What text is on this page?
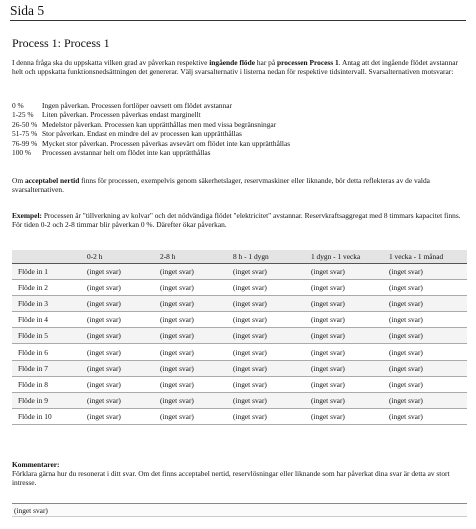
Sida 5
Process 1: Process 1
I denna fråga ska du uppskatta vilken grad av påverkan respektive ingående flöde har på processen Process 1. Antag att det ingående flödet avstannar helt och uppskatta funktionsnedsättningen det genererar. Välj svarsalternativ i listerna nedan för respektive tidsintervall. Svarsalternativen motsvarar:
0 %	Ingen påverkan. Processen fortlöper oavsett om flödet avstannar
1-25 %	Liten påverkan. Processen påverkas endast marginellt
26-50 % Medelstor påverkan. Processen kan upprätthållas men med vissa begränsningar
51-75 % Stor påverkan. Endast en mindre del av processen kan upprätthållas
76-99 % Mycket stor påverkan. Processen påverkas avsevärt om flödet inte kan upprätthållas
100 %	Processen avstannar helt om flödet inte kan upprätthållas
Om acceptabel nertid finns för processen, exempelvis genom säkerhetslager, reservmaskiner eller liknande, bör detta reflekteras av de valda svarsalternativen.
Exempel: Processen är "tillverkning av kolvar" och det nödvändiga flödet "elektricitet" avstannar. Reservkraftsaggregat med 8 timmars kapacitet finns. För tiden 0-2 och 2-8 timmar blir påverkan 0 %. Därefter ökar påverkan.
	0-2 h	2-8 h	8 h - 1 dygn	1 dygn - 1 vecka	1 vecka - 1 månad
Flöde in 1	(inget svar)	(inget svar)	(inget svar)	(inget svar)	(inget svar)
Flöde in 2	(inget svar)	(inget svar)	(inget svar)	(inget svar)	(inget svar)
Flöde in 3	(inget svar)	(inget svar)	(inget svar)	(inget svar)	(inget svar)
Flöde in 4	(inget svar)	(inget svar)	(inget svar)	(inget svar)	(inget svar)
Flöde in 5	(inget svar)	(inget svar)	(inget svar)	(inget svar)	(inget svar)
Flöde in 6	(inget svar)	(inget svar)	(inget svar)	(inget svar)	(inget svar)
Flöde in 7	(inget svar)	(inget svar)	(inget svar)	(inget svar)	(inget svar)
Flöde in 8	(inget svar)	(inget svar)	(inget svar)	(inget svar)	(inget svar)
Flöde in 9	(inget svar)	(inget svar)	(inget svar)	(inget svar)	(inget svar)
Flöde in 10	(inget svar)	(inget svar)	(inget svar)	(inget svar)	(inget svar)
Kommentarer:
Förklara gärna hur du resonerat i ditt svar. Om det finns acceptabel nertid, reservlösningar eller liknande som har påverkat dina svar är detta av stort intresse.
(inget svar)
